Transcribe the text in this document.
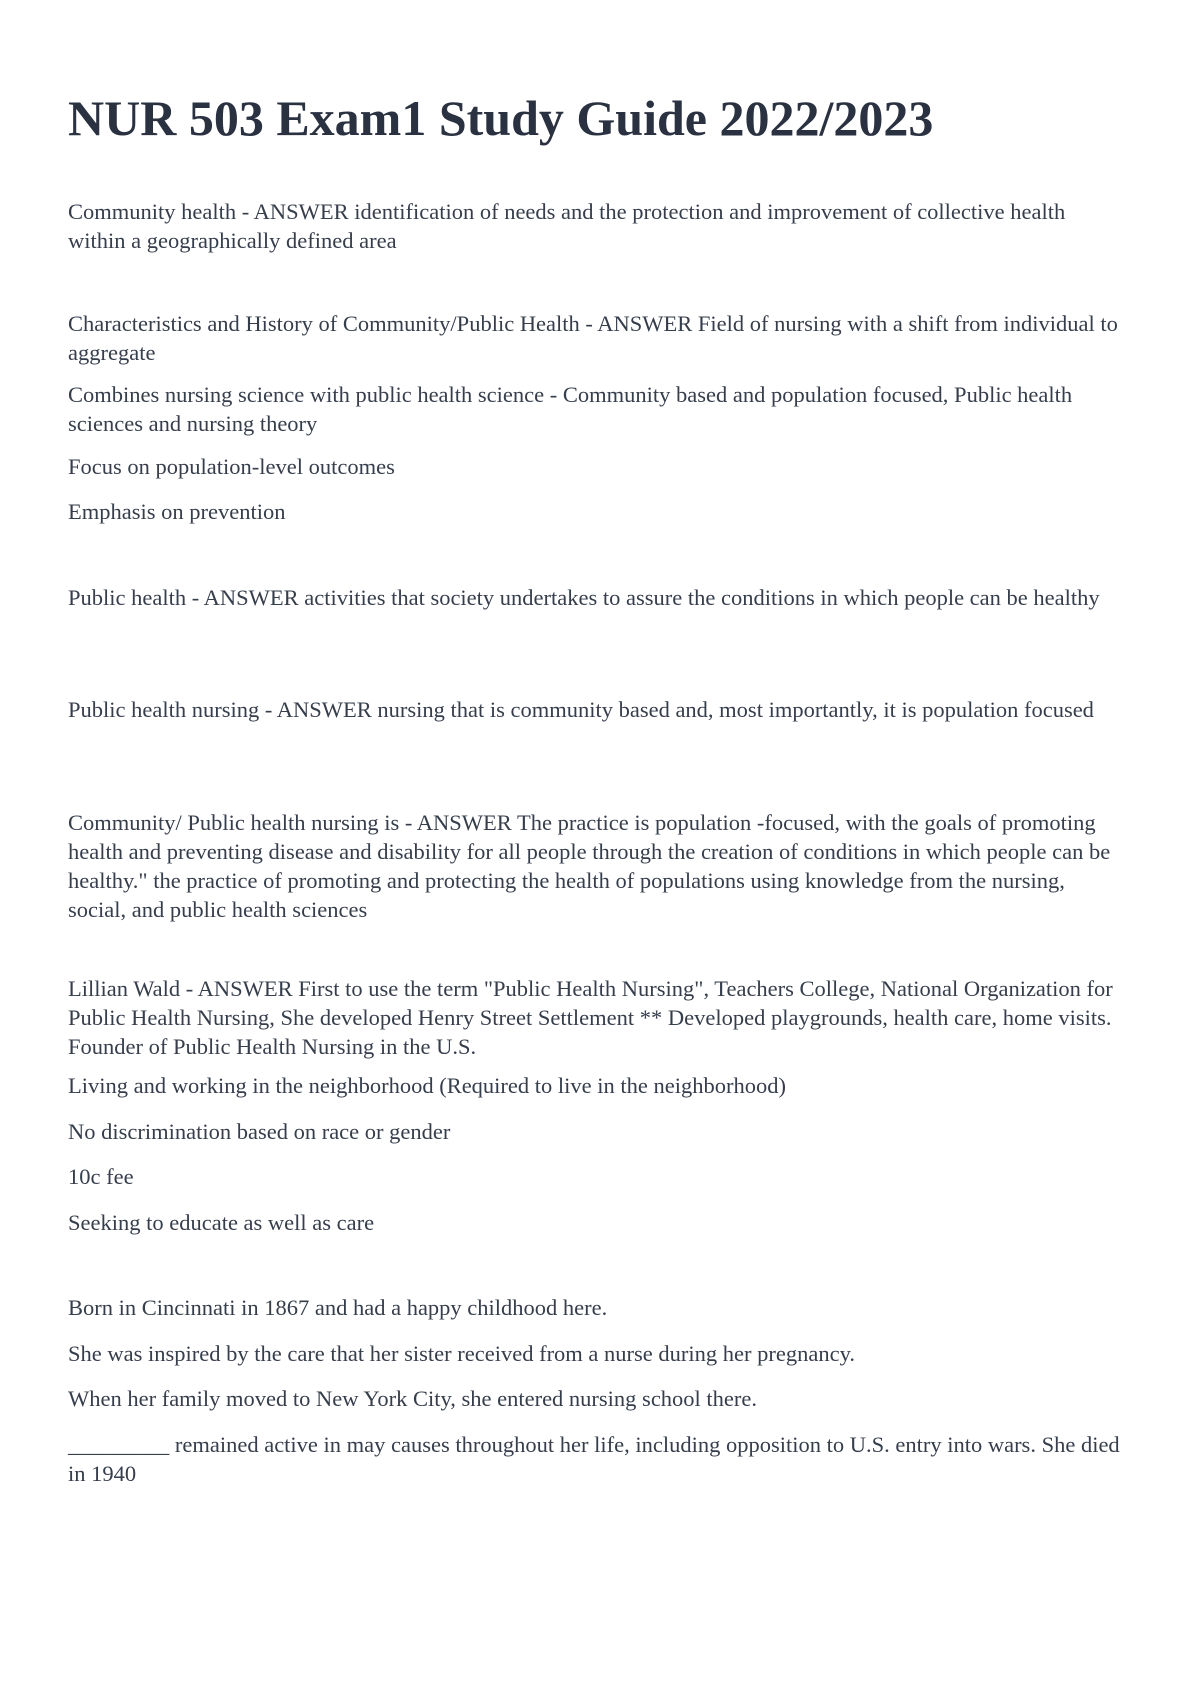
NUR 503 Exam1 Study Guide 2022/2023

Community health - ANSWER identification of needs and the protection and improvement of collective health within a geographically defined area

Characteristics and History of Community/Public Health - ANSWER Field of nursing with a shift from individual to aggregate

Combines nursing science with public health science - Community based and population focused, Public health sciences and nursing theory

Focus on population-level outcomes

Emphasis on prevention

Public health - ANSWER activities that society undertakes to assure the conditions in which people can be healthy

Public health nursing - ANSWER nursing that is community based and, most importantly, it is population focused

Community/ Public health nursing is - ANSWER The practice is population -focused, with the goals of promoting health and preventing disease and disability for all people through the creation of conditions in which people can be healthy." the practice of promoting and protecting the health of populations using knowledge from the nursing, social, and public health sciences

Lillian Wald - ANSWER First to use the term "Public Health Nursing", Teachers College, National Organization for Public Health Nursing, She developed Henry Street Settlement ** Developed playgrounds, health care, home visits. Founder of Public Health Nursing in the U.S.

Living and working in the neighborhood (Required to live in the neighborhood)

No discrimination based on race or gender

10c fee

Seeking to educate as well as care

Born in Cincinnati in 1867 and had a happy childhood here.

She was inspired by the care that her sister received from a nurse during her pregnancy.

When her family moved to New York City, she entered nursing school there.

_________ remained active in may causes throughout her life, including opposition to U.S. entry into wars. She died in 1940
